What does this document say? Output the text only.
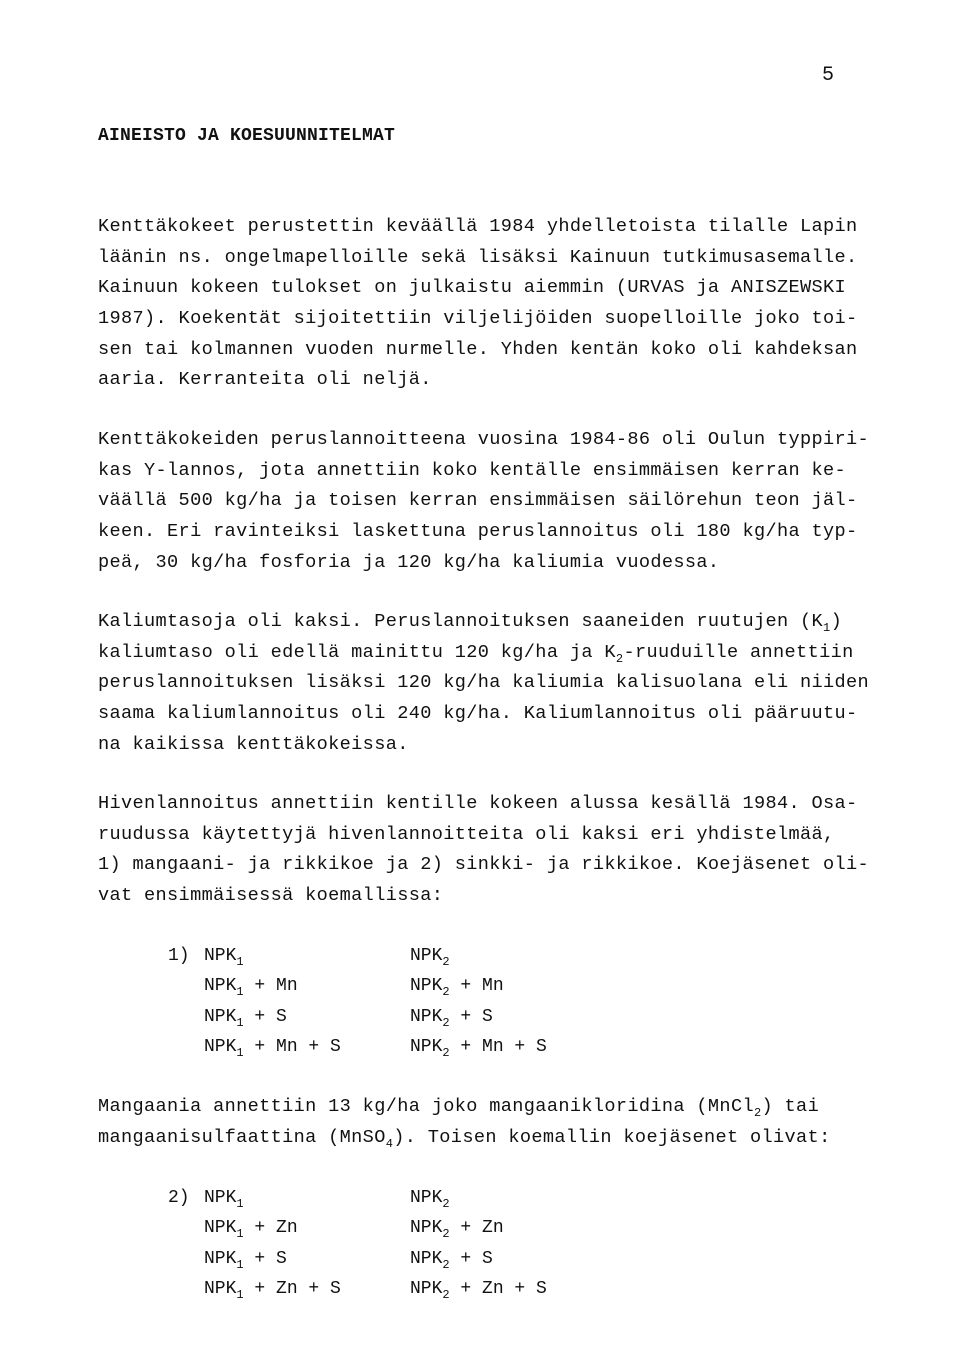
5
AINEISTO JA KOESUUNNITELMAT
Kenttäkokeet perustettin keväällä 1984 yhdelletoista tilalle Lapin
läänin ns. ongelmapelloille sekä lisäksi Kainuun tutkimusasemalle.
Kainuun kokeen tulokset on julkaistu aiemmin (URVAS ja ANISZEWSKI
1987). Koekentät sijoitettiin viljelijöiden suopelloille joko toi-
sen tai kolmannen vuoden nurmelle. Yhden kentän koko oli kahdeksan
aaria. Kerranteita oli neljä.
Kenttäkokeiden peruslannoitteena vuosina 1984-86 oli Oulun typpiri-
kas Y-lannos, jota annettiin koko kentälle ensimmäisen kerran ke-
väällä 500 kg/ha ja toisen kerran ensimmäisen säilörehun teon jäl-
keen. Eri ravinteiksi laskettuna peruslannoitus oli 180 kg/ha typ-
peä, 30 kg/ha fosforia ja 120 kg/ha kaliumia vuodessa.
Kaliumtasoja oli kaksi. Peruslannoituksen saaneiden ruutujen $(K_1)$
kaliumtaso oli edellä mainittu 120 kg/ha ja $K_2$-ruuduille annettiin
peruslannoituksen lisäksi 120 kg/ha kaliumia kalisuolana eli niiden
saama kaliumlannoitus oli 240 kg/ha. Kaliumlannoitus oli pääruutu-
na kaikissa kenttäkokeissa.
Hivenlannoitus annettiin kentille kokeen alussa kesällä 1984. Osa-
ruudussa käytettyjä hivenlannoitteita oli kaksi eri yhdistelmää,
1) mangaani- ja rikkikoe ja 2) sinkki- ja rikkikoe. Koejäsenet oli-
vat ensimmäisessä koemallissa:
1) $NPK_1$
$NPK_1 + Mn$
$NPK_1 + S$
$NPK_1 + Mn + S$
$NPK_2$
$NPK_2 + Mn$
$NPK_2 + S$
$NPK_2 + Mn + S$
Mangaania annettiin 13 kg/ha joko mangaanikloridina (MnCl$_2$) tai
mangaanisulfaattina (MnSO$_4$). Toisen koemallin koejäsenet olivat:
2) $NPK_1$
$NPK_1 + Zn$
$NPK_1 + S$
$NPK_1 + Zn + S$
$NPK_2$
$NPK_2 + Zn$
$NPK_2 + S$
$NPK_2 + Zn + S$
